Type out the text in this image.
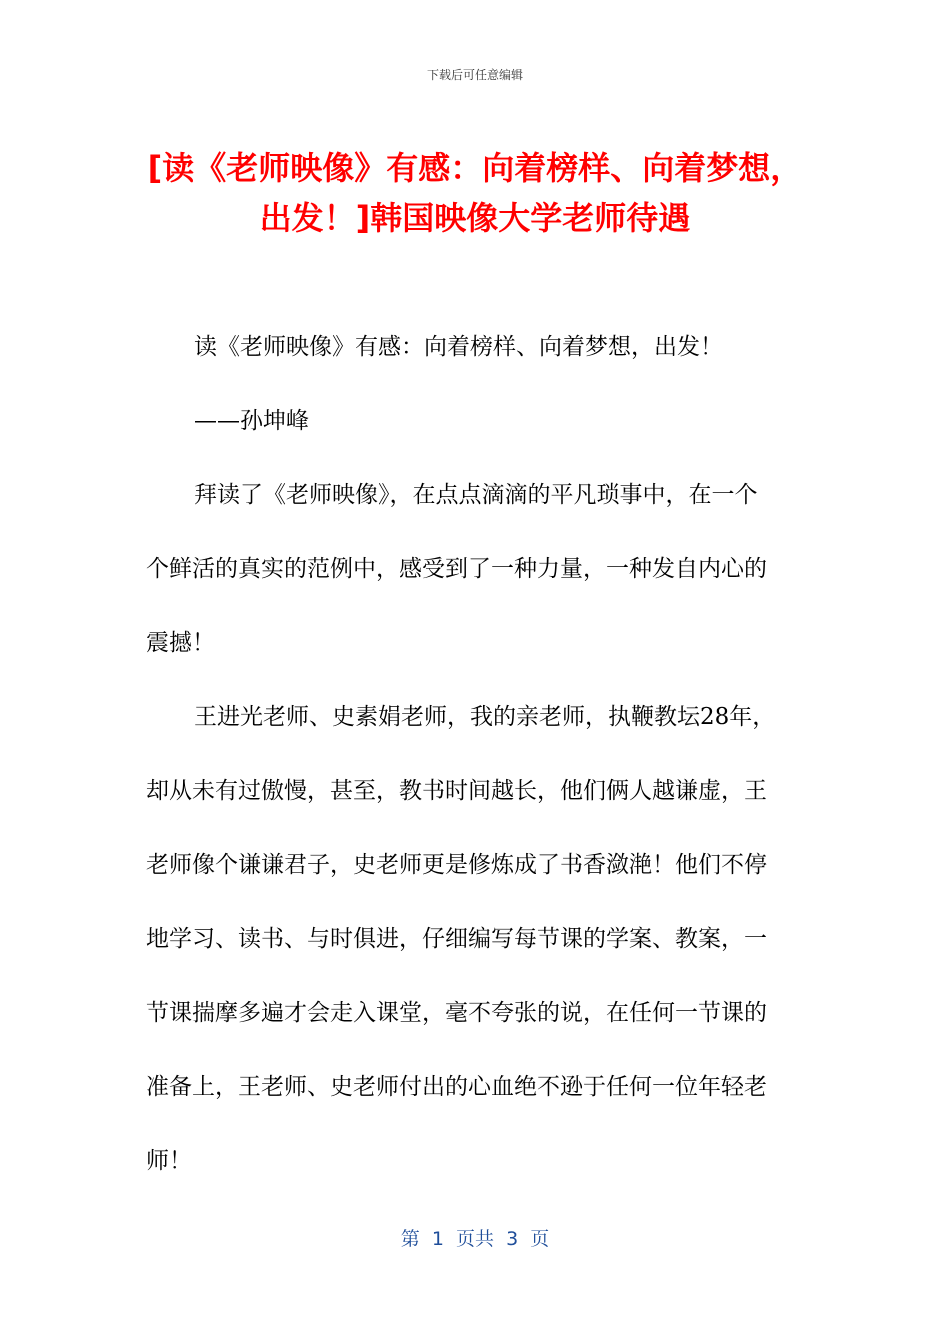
下载后可任意编辑
[读《老师映像》有感：向着榜样、向着梦想，
出发！]韩国映像大学老师待遇
读《老师映像》有感：向着榜样、向着梦想，出发！
——孙坤峰
拜读了《老师映像》，在点点滴滴的平凡琐事中，在一个
个鲜活的真实的范例中，感受到了一种力量，一种发自内心的
震撼！
王进光老师、史素娟老师，我的亲老师，执鞭教坛28年，
却从未有过傲慢，甚至，教书时间越长，他们俩人越谦虚，王
老师像个谦谦君子，史老师更是修炼成了书香潋滟！他们不停
地学习、读书、与时俱进，仔细编写每节课的学案、教案，一
节课揣摩多遍才会走入课堂，毫不夸张的说，在任何一节课的
准备上，王老师、史老师付出的心血绝不逊于任何一位年轻老
师！
第  1  页共  3  页
